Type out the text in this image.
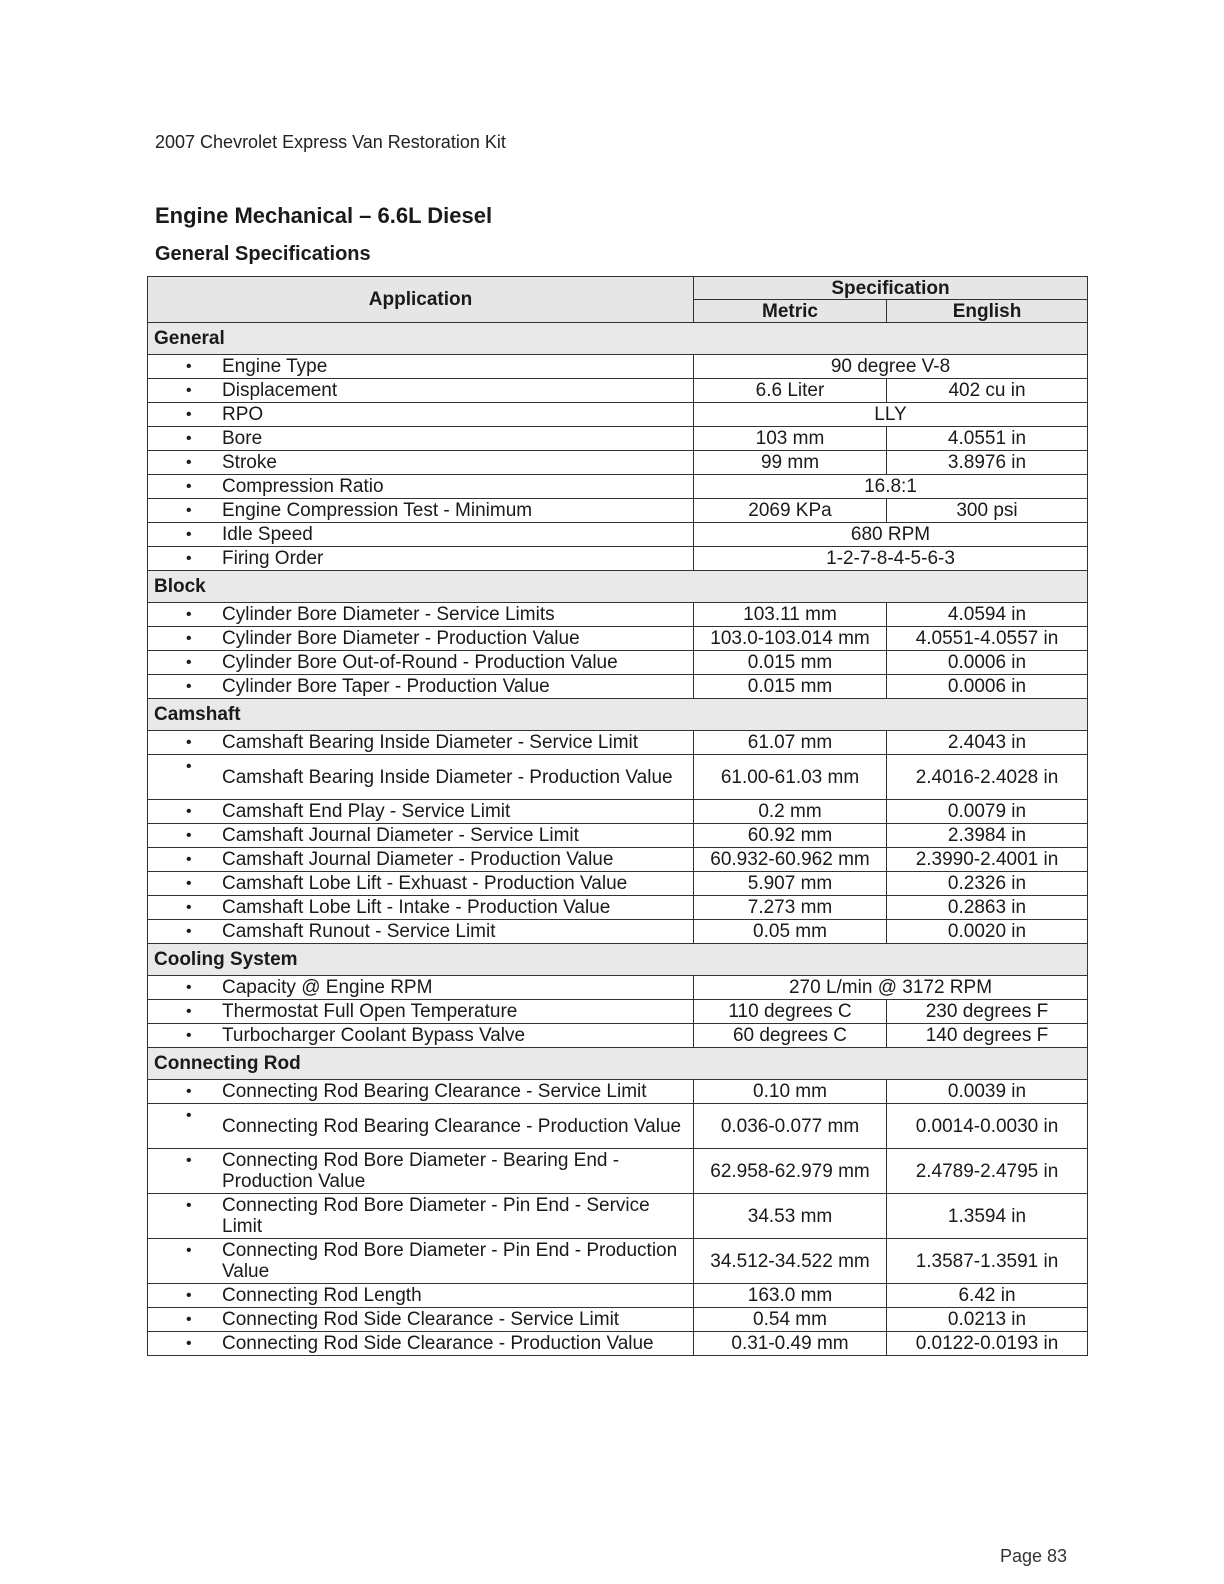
2007 Chevrolet Express Van Restoration Kit
Engine Mechanical – 6.6L Diesel
General Specifications
Application	Specification	
	Metric	English
General		

• Engine Type	90 degree V-8	

• Displacement	6.6 Liter	402 cu in

• RPO	LLY	

• Bore	103 mm	4.0551 in

• Stroke	99 mm	3.8976 in

• Compression Ratio	16.8:1	

• Engine Compression Test - Minimum	2069 KPa	300 psi

• Idle Speed	680 RPM	

• Firing Order	1-2-7-8-4-5-6-3	
Block		

• Cylinder Bore Diameter - Service Limits	103.11 mm	4.0594 in

• Cylinder Bore Diameter - Production Value	103.0-103.014 mm	4.0551-4.0557 in

• Cylinder Bore Out-of-Round - Production Value	0.015 mm	0.0006 in

• Cylinder Bore Taper - Production Value	0.015 mm	0.0006 in
Camshaft		

• Camshaft Bearing Inside Diameter - Service Limit	61.07 mm	2.4043 in

• Camshaft Bearing Inside Diameter - Production Value	61.00-61.03 mm	2.4016-2.4028 in

• Camshaft End Play - Service Limit	0.2 mm	0.0079 in

• Camshaft Journal Diameter - Service Limit	60.92 mm	2.3984 in

• Camshaft Journal Diameter - Production Value	60.932-60.962 mm	2.3990-2.4001 in

• Camshaft Lobe Lift - Exhuast - Production Value	5.907 mm	0.2326 in

• Camshaft Lobe Lift - Intake - Production Value	7.273 mm	0.2863 in

• Camshaft Runout - Service Limit	0.05 mm	0.0020 in
Cooling System		

• Capacity @ Engine RPM	270 L/min @ 3172 RPM	

• Thermostat Full Open Temperature	110 degrees C	230 degrees F

• Turbocharger Coolant Bypass Valve	60 degrees C	140 degrees F
Connecting Rod		

• Connecting Rod Bearing Clearance - Service Limit	0.10 mm	0.0039 in

• Connecting Rod Bearing Clearance - Production Value	0.036-0.077 mm	0.0014-0.0030 in

• Connecting Rod Bore Diameter - Bearing End - Production Value	62.958-62.979 mm	2.4789-2.4795 in

• Connecting Rod Bore Diameter - Pin End - Service Limit	34.53 mm	1.3594 in

• Connecting Rod Bore Diameter - Pin End - Production Value	34.512-34.522 mm	1.3587-1.3591 in

• Connecting Rod Length	163.0 mm	6.42 in

• Connecting Rod Side Clearance - Service Limit	0.54 mm	0.0213 in

• Connecting Rod Side Clearance - Production Value	0.31-0.49 mm	0.0122-0.0193 in
Page 83
